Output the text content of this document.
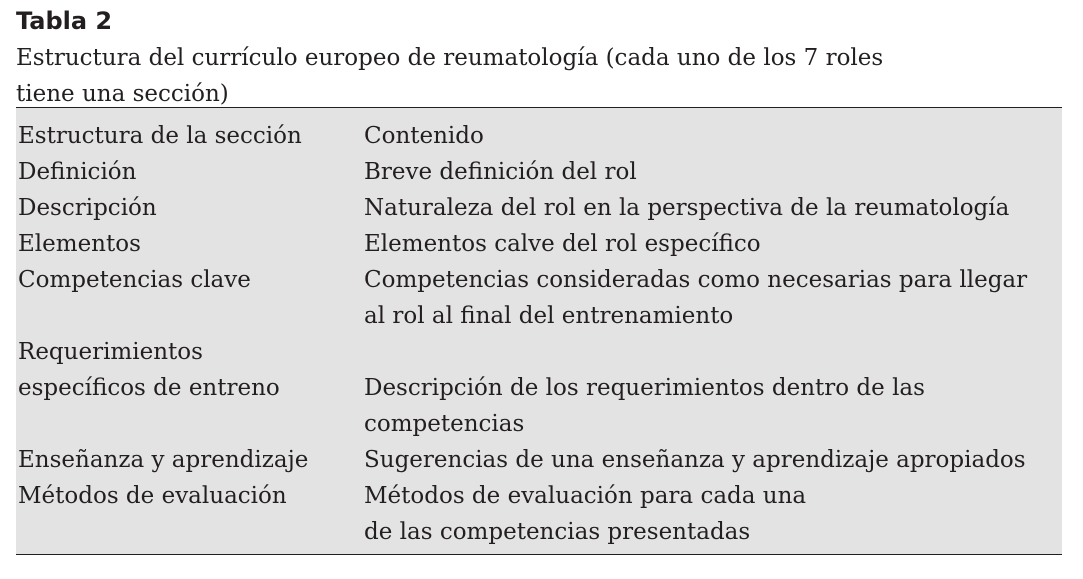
Tabla 2
Estructura del currículo europeo de reumatología (cada uno de los 7 roles
tiene una sección)
Estructura de la sección	Contenido

Definición	Breve definición del rol

Descripción	Naturaleza del rol en la perspectiva de la reumatología

Elementos	Elementos calve del rol específico

Competencias clave	Competencias consideradas como necesarias para llegar
al rol al final del entrenamiento

Requerimientos
específicos de entreno	Descripción de los requerimientos dentro de las
competencias

Enseñanza y aprendizaje	Sugerencias de una enseñanza y aprendizaje apropiados

Métodos de evaluación	Métodos de evaluación para cada una
de las competencias presentadas
